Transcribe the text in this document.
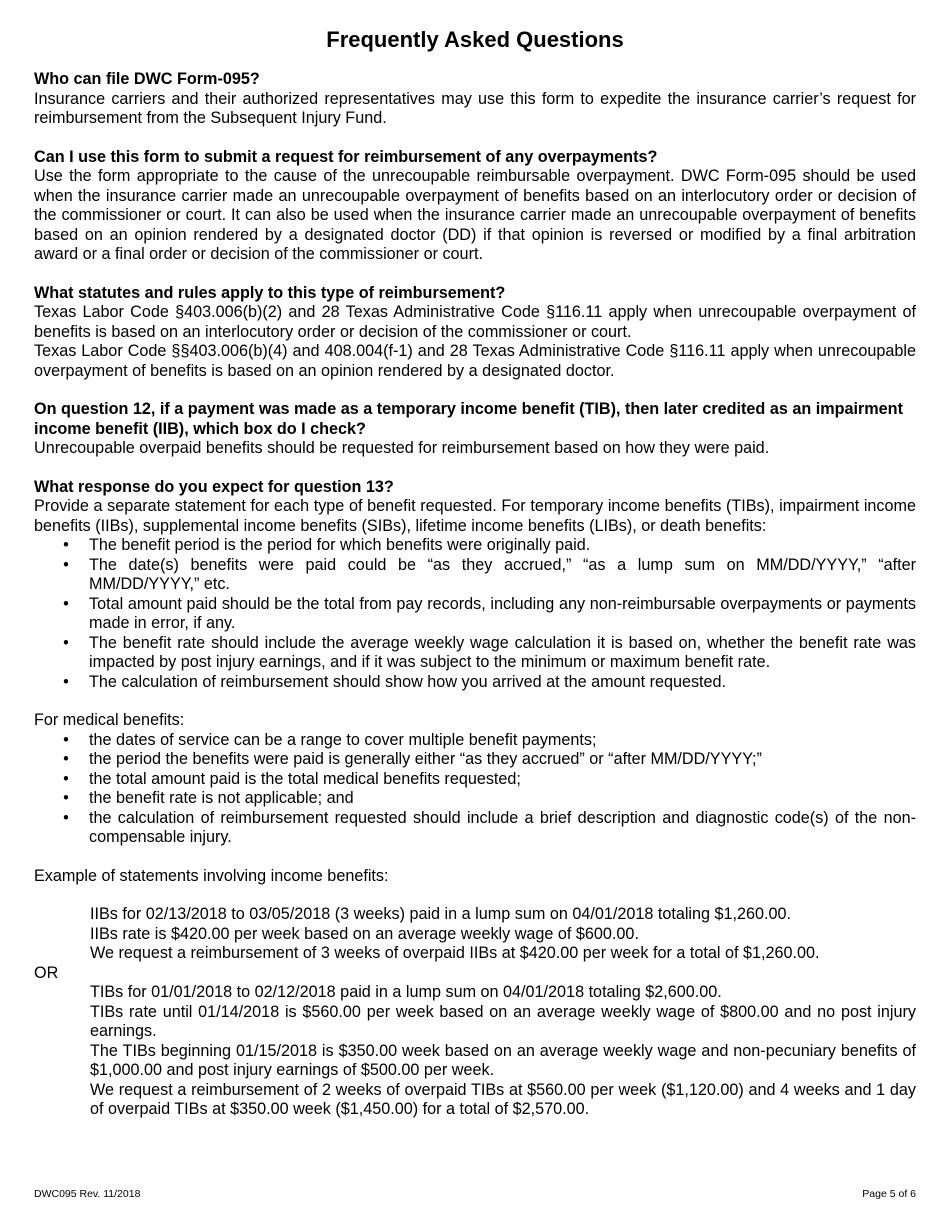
Frequently Asked Questions

Who can file DWC Form-095?

Insurance carriers and their authorized representatives may use this form to expedite the insurance carrier’s request for reimbursement from the Subsequent Injury Fund.

Can I use this form to submit a request for reimbursement of any overpayments?

Use the form appropriate to the cause of the unrecoupable reimbursable overpayment. DWC Form-095 should be used when the insurance carrier made an unrecoupable overpayment of benefits based on an interlocutory order or decision of the commissioner or court. It can also be used when the insurance carrier made an unrecoupable overpayment of benefits based on an opinion rendered by a designated doctor (DD) if that opinion is reversed or modified by a final arbitration award or a final order or decision of the commissioner or court.

What statutes and rules apply to this type of reimbursement?

Texas Labor Code §403.006(b)(2) and 28 Texas Administrative Code §116.11 apply when unrecoupable overpayment of benefits is based on an interlocutory order or decision of the commissioner or court.

Texas Labor Code §§403.006(b)(4) and 408.004(f-1) and 28 Texas Administrative Code §116.11 apply when unrecoupable overpayment of benefits is based on an opinion rendered by a designated doctor.

On question 12, if a payment was made as a temporary income benefit (TIB), then later credited as an impairment income benefit (IIB), which box do I check?

Unrecoupable overpaid benefits should be requested for reimbursement based on how they were paid.

What response do you expect for question 13?

Provide a separate statement for each type of benefit requested. For temporary income benefits (TIBs), impairment income benefits (IIBs), supplemental income benefits (SIBs), lifetime income benefits (LIBs), or death benefits:

• The benefit period is the period for which benefits were originally paid.
• The date(s) benefits were paid could be “as they accrued,” “as a lump sum on MM/DD/YYYY,” “after MM/DD/YYYY,” etc.
• Total amount paid should be the total from pay records, including any non-reimbursable overpayments or payments made in error, if any.
• The benefit rate should include the average weekly wage calculation it is based on, whether the benefit rate was impacted by post injury earnings, and if it was subject to the minimum or maximum benefit rate.
• The calculation of reimbursement should show how you arrived at the amount requested.

For medical benefits:

• the dates of service can be a range to cover multiple benefit payments;
• the period the benefits were paid is generally either “as they accrued” or “after MM/DD/YYYY;”
• the total amount paid is the total medical benefits requested;
• the benefit rate is not applicable; and
• the calculation of reimbursement requested should include a brief description and diagnostic code(s) of the non-compensable injury.

Example of statements involving income benefits:

IIBs for 02/13/2018 to 03/05/2018 (3 weeks) paid in a lump sum on 04/01/2018 totaling $1,260.00.

IIBs rate is $420.00 per week based on an average weekly wage of $600.00.

We request a reimbursement of 3 weeks of overpaid IIBs at $420.00 per week for a total of $1,260.00.

OR

TIBs for 01/01/2018 to 02/12/2018 paid in a lump sum on 04/01/2018 totaling $2,600.00.

TIBs rate until 01/14/2018 is $560.00 per week based on an average weekly wage of $800.00 and no post injury earnings.

The TIBs beginning 01/15/2018 is $350.00 week based on an average weekly wage and non-pecuniary benefits of $1,000.00 and post injury earnings of $500.00 per week.

We request a reimbursement of 2 weeks of overpaid TIBs at $560.00 per week ($1,120.00) and 4 weeks and 1 day of overpaid TIBs at $350.00 week ($1,450.00) for a total of $2,570.00.

DWC095 Rev. 11/2018	Page 5 of 6
